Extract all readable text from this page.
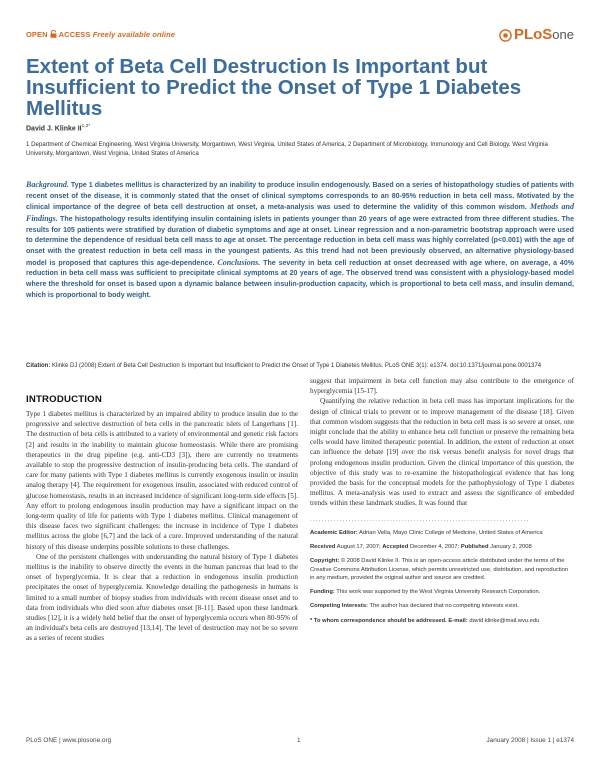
OPEN ACCESS Freely available online	PLoSone
Extent of Beta Cell Destruction Is Important but Insufficient to Predict the Onset of Type 1 Diabetes Mellitus
David J. Klinke $II^{1,2*}$
1 Department of Chemical Engineering, West Virginia University, Morgantown, West Virginia, United States of America, 2 Department of Microbiology, Immunology and Cell Biology, West Virginia University, Morgantown, West Virginia, United States of America
Background. Type 1 diabetes mellitus is characterized by an inability to produce insulin endogenously. Based on a series of histopathology studies of patients with recent onset of the disease, it is commonly stated that the onset of clinical symptoms corresponds to an 80-95% reduction in beta cell mass. Motivated by the clinical importance of the degree of beta cell destruction at onset, a meta-analysis was used to determine the validity of this common wisdom. Methods and Findings. The histopathology results identifying insulin containing islets in patients younger than 20 years of age were extracted from three different studies. The results for 105 patients were stratified by duration of diabetic symptoms and age at onset. Linear regression and a non-parametric bootstrap approach were used to determine the dependence of residual beta cell mass to age at onset. The percentage reduction in beta cell mass was highly correlated (p<0.001) with the age of onset with the greatest reduction in beta cell mass in the youngest patients. As this trend had not been previously observed, an alternative physiology-based model is proposed that captures this age-dependence. Conclusions. The severity in beta cell reduction at onset decreased with age where, on average, a 40% reduction in beta cell mass was sufficient to precipitate clinical symptoms at 20 years of age. The observed trend was consistent with a physiology-based model where the threshold for onset is based upon a dynamic balance between insulin-production capacity, which is proportional to beta cell mass, and insulin demand, which is proportional to body weight.
Citation: Klinke DJ (2008) Extent of Beta Cell Destruction Is Important but Insufficient to Predict the Onset of Type 1 Diabetes Mellitus. PLoS ONE 3(1): e1374. doi:10.1371/journal.pone.0001374
INTRODUCTION

Type 1 diabetes mellitus is characterized by an impaired ability to produce insulin due to the progressive and selective destruction of beta cells in the pancreatic islets of Langerhans [1]. The destruction of beta cells is attributed to a variety of environmental and genetic risk factors [2] and results in the inability to maintain glucose homeostasis. While there are promising therapeutics in the drug pipeline (e.g. anti-CD3 [3]), there are currently no treatments available to stop the progressive destruction of insulin-producing beta cells. The standard of care for many patients with Type 1 diabetes mellitus is currently exogenous insulin or insulin analog therapy [4]. The requirement for exogenous insulin, associated with reduced control of glucose homeostasis, results in an increased incidence of significant long-term side effects [5]. Any effort to prolong endogenous insulin production may have a significant impact on the long-term quality of life for patients with Type 1 diabetes mellitus. Clinical management of this disease faces two significant challenges: the increase in incidence of Type 1 diabetes mellitus across the globe [6,7] and the lack of a cure. Improved understanding of the natural history of this disease underpins possible solutions to these challenges.

One of the persistent challenges with understanding the natural history of Type 1 diabetes mellitus is the inability to observe directly the events in the human pancreas that lead to the onset of hyperglycemia. It is clear that a reduction in endogenous insulin production precipitates the onset of hyperglycemia. Knowledge detailing the pathogenesis in humans is limited to a small number of biopsy studies from individuals with recent disease onset and to data from individuals who died soon after diabetes onset [8-11]. Based upon these landmark studies [12], it is a widely held belief that the onset of hyperglycemia occurs when 80-95% of an individual's beta cells are destroyed [13,14]. The level of destruction may not be so severe as a series of recent studies

suggest that impairment in beta cell function may also contribute to the emergence of hyperglycemia [15-17].

Quantifying the relative reduction in beta cell mass has important implications for the design of clinical trials to prevent or to improve management of the disease [18]. Given that common wisdom suggests that the reduction in beta cell mass is so severe at onset, one might conclude that the ability to enhance beta cell function or preserve the remaining beta cells would have limited therapeutic potential. In addition, the extent of reduction at onset can influence the debate [19] over the risk versus benefit analysis for novel drugs that prolong endogenous insulin production. Given the clinical importance of this question, the objective of this study was to re-examine the histopathological evidence that has long provided the basis for the conceptual models for the pathophysiology of Type 1 diabetes mellitus. A meta-analysis was used to extract and assess the significance of embedded trends within these landmark studies. It was found that

..........................................................................
Academic Editor: Adrian Vella, Mayo Clinic College of Medicine, United States of America
Received August 17, 2007; Accepted December 4, 2007; Published January 2, 2008
Copyright: © 2008 David Klinke II. This is an open-access article distributed under the terms of the Creative Commons Attribution License, which permits unrestricted use, distribution, and reproduction in any medium, provided the original author and source are credited.
Funding: This work was supported by the West Virginia University Research Corporation.
Competing Interests: The author has declared that no competing interests exist.
* To whom correspondence should be addressed. E-mail: david.klinke@mail.wvu.edu
PLoS ONE | www.plosone.org	1	January 2008 | Issue 1 | e1374
